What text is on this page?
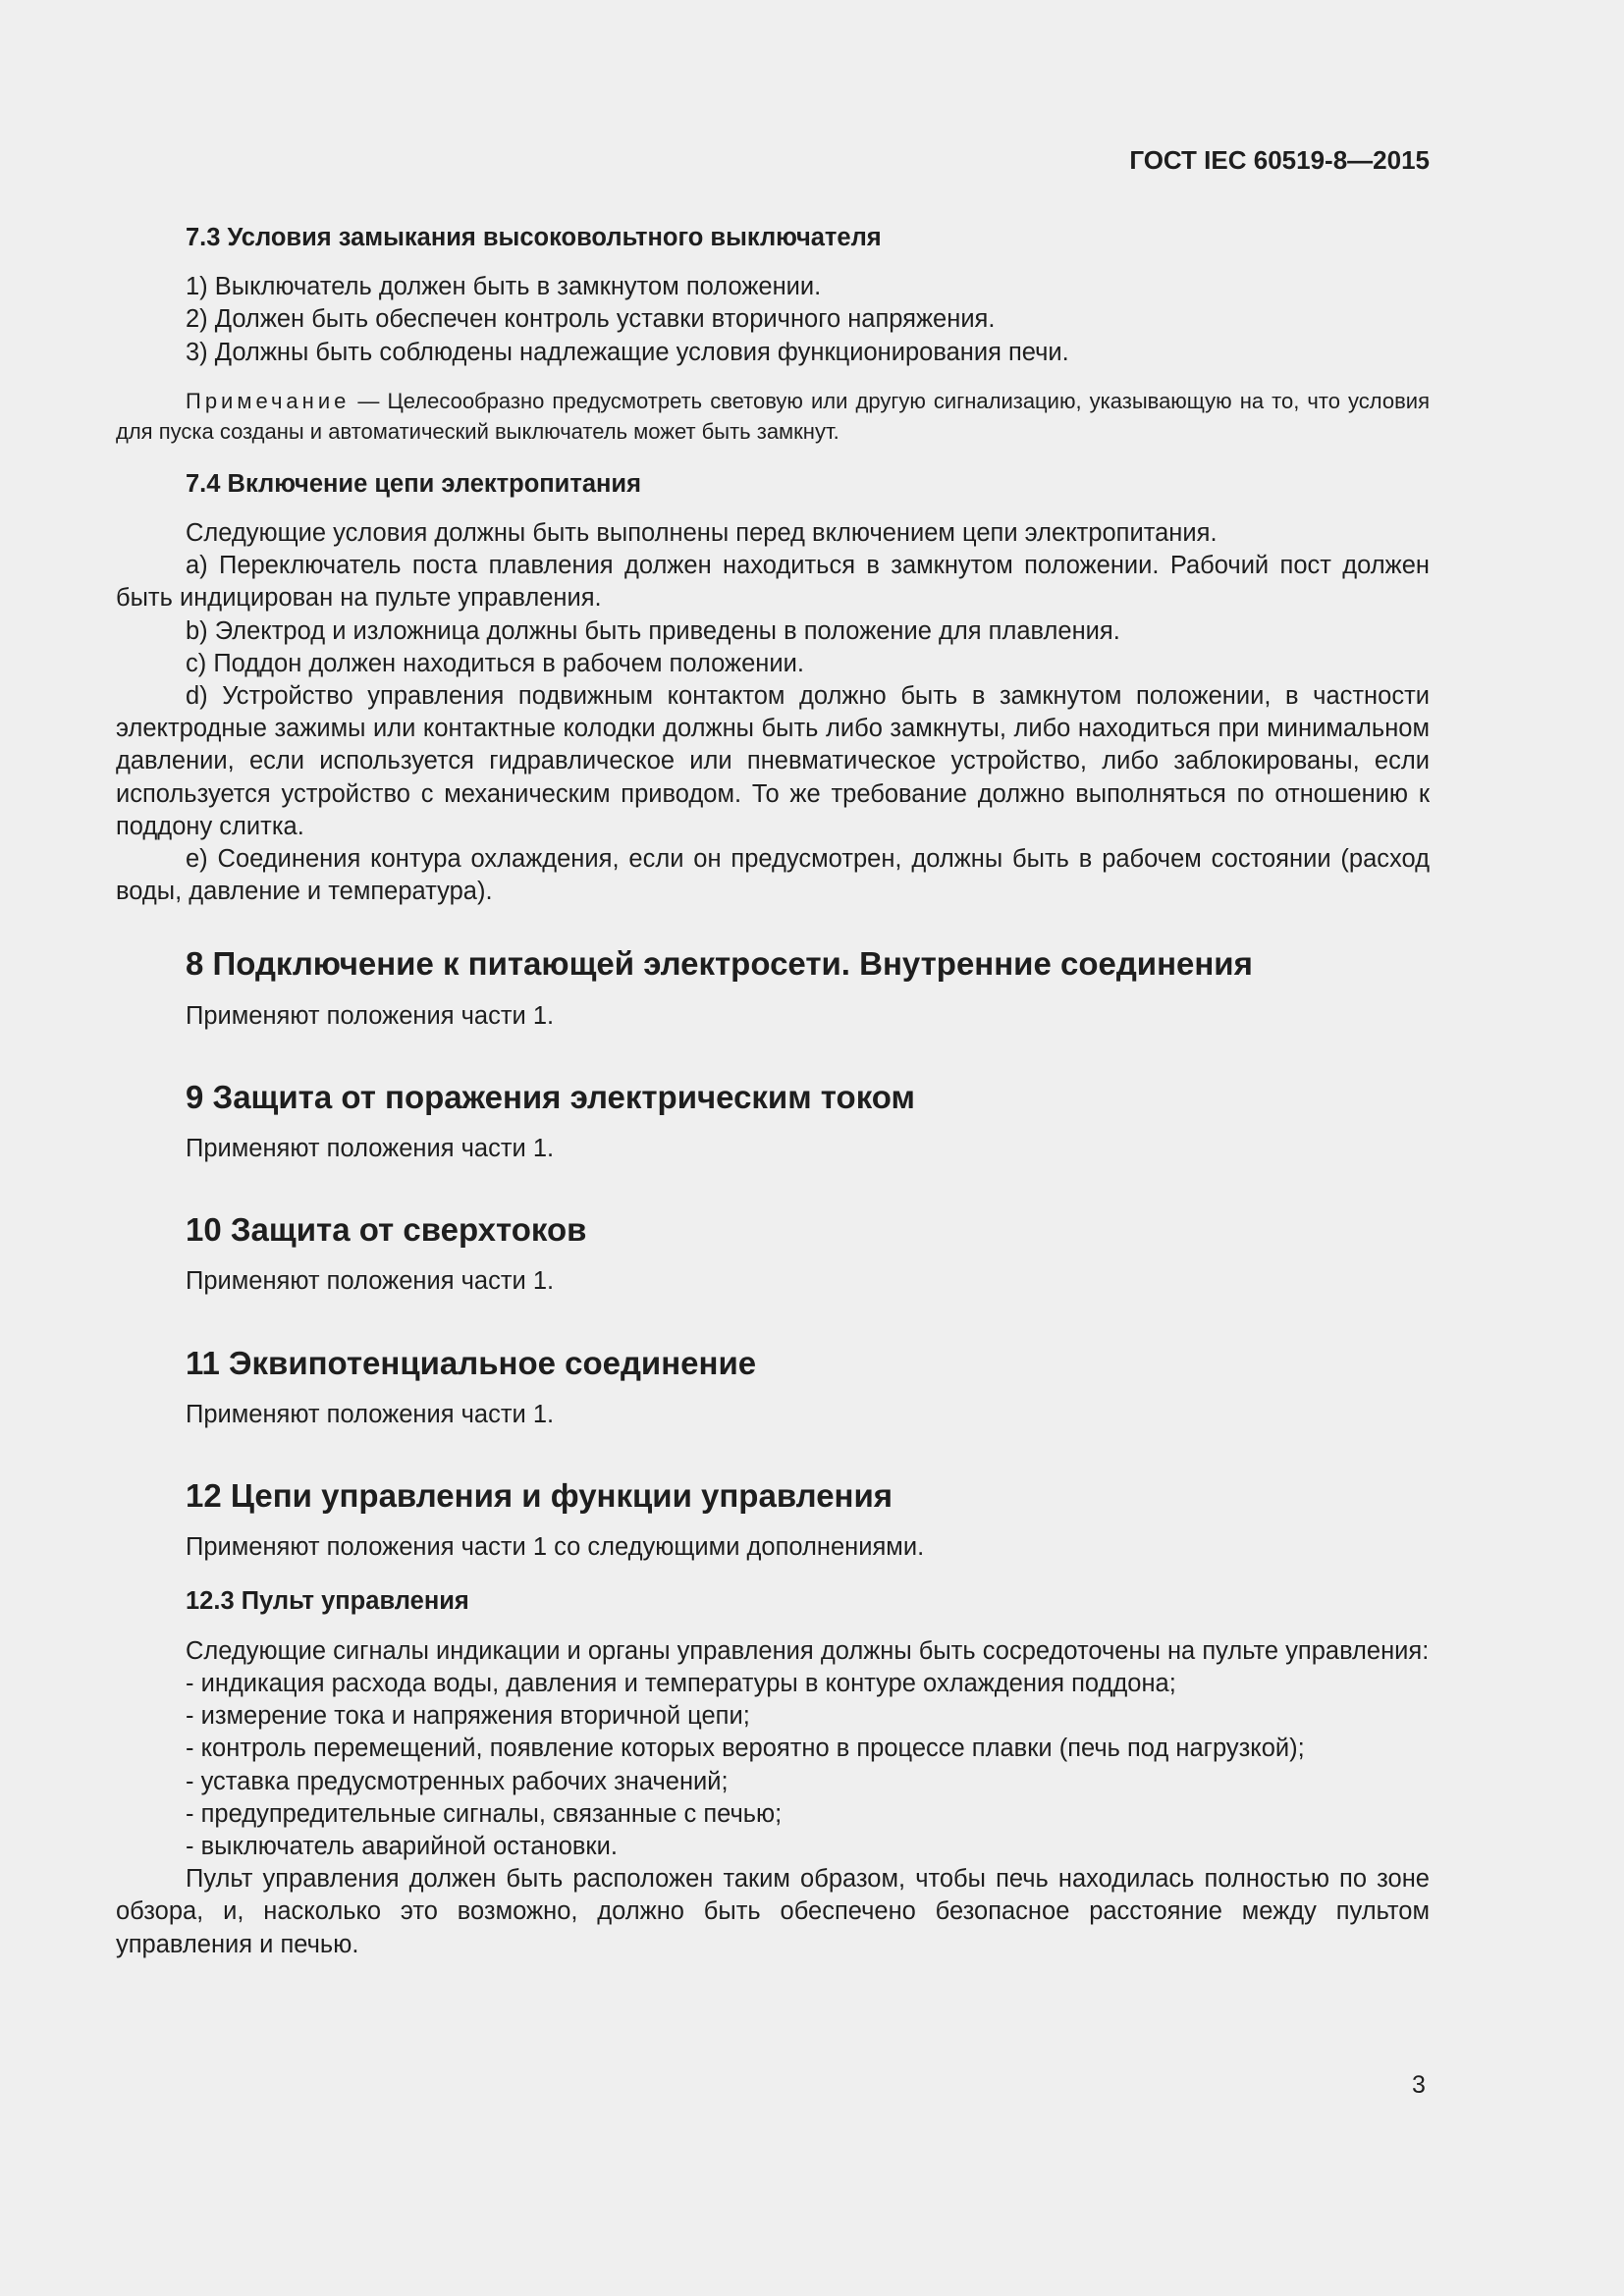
ГОСТ IEC 60519-8—2015

7.3 Условия замыкания высоковольтного выключателя

1) Выключатель должен быть в замкнутом положении.

2) Должен быть обеспечен контроль уставки вторичного напряжения.

3) Должны быть соблюдены надлежащие условия функционирования печи.

Примечание — Целесообразно предусмотреть световую или другую сигнализацию, указывающую на то, что условия для пуска созданы и автоматический выключатель может быть замкнут.

7.4 Включение цепи электропитания

Следующие условия должны быть выполнены перед включением цепи электропитания.

a) Переключатель поста плавления должен находиться в замкнутом положении. Рабочий пост должен быть индицирован на пульте управления.

b) Электрод и изложница должны быть приведены в положение для плавления.

c) Поддон должен находиться в рабочем положении.

d) Устройство управления подвижным контактом должно быть в замкнутом положении, в частности электродные зажимы или контактные колодки должны быть либо замкнуты, либо находиться при минимальном давлении, если используется гидравлическое или пневматическое устройство, либо заблокированы, если используется устройство с механическим приводом. То же требование должно выполняться по отношению к поддону слитка.

e) Соединения контура охлаждения, если он предусмотрен, должны быть в рабочем состоянии (расход воды, давление и температура).

8 Подключение к питающей электросети. Внутренние соединения

Применяют положения части 1.

9 Защита от поражения электрическим током

Применяют положения части 1.

10 Защита от сверхтоков

Применяют положения части 1.

11 Эквипотенциальное соединение

Применяют положения части 1.

12 Цепи управления и функции управления

Применяют положения части 1 со следующими дополнениями.

12.3 Пульт управления

Следующие сигналы индикации и органы управления должны быть сосредоточены на пульте управления:

- индикация расхода воды, давления и температуры в контуре охлаждения поддона;

- измерение тока и напряжения вторичной цепи;

- контроль перемещений, появление которых вероятно в процессе плавки (печь под нагрузкой);

- уставка предусмотренных рабочих значений;

- предупредительные сигналы, связанные с печью;

- выключатель аварийной остановки.

Пульт управления должен быть расположен таким образом, чтобы печь находилась полностью по зоне обзора, и, насколько это возможно, должно быть обеспечено безопасное расстояние между пультом управления и печью.

3
